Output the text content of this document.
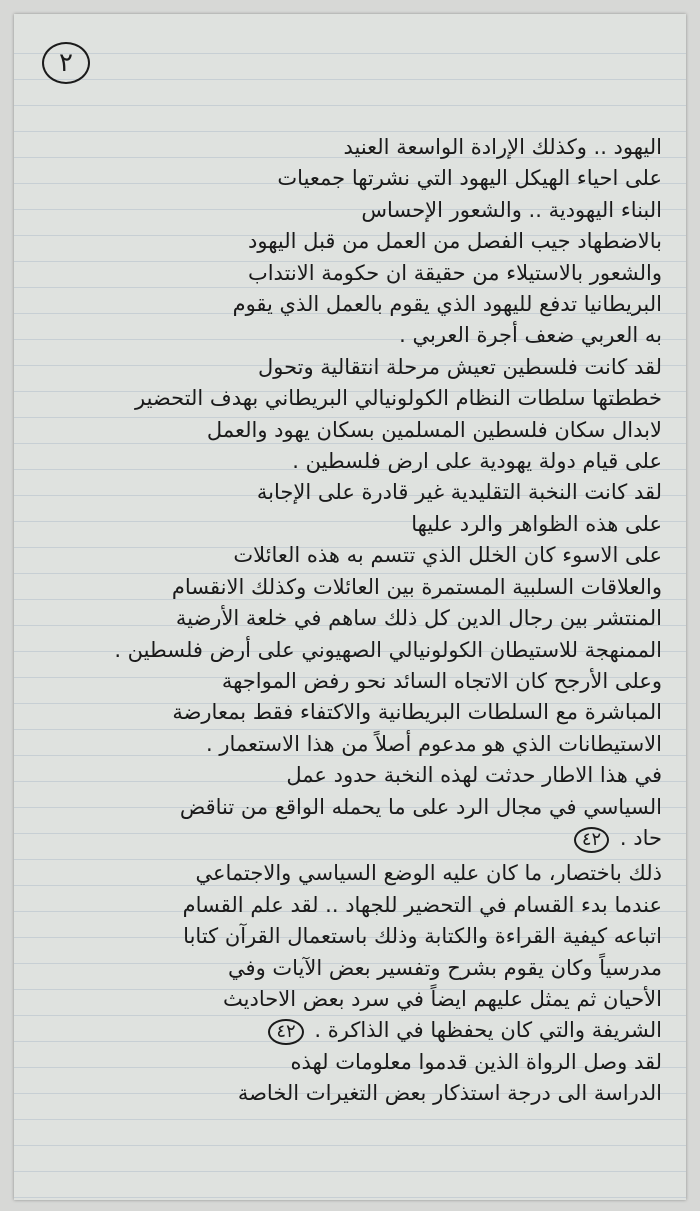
٢
اليهود .. وكذلك الإرادة الواسعة العنيد
على احياء الهيكل اليهود التي نشرتها جمعيات
البناء اليهودية .. والشعور الإحساس
بالاضطهاد جيب الفصل من العمل من قبل اليهود
والشعور بالاستيلاء من حقيقة ان حكومة الانتداب
البريطانيا تدفع لليهود الذي يقوم بالعمل الذي يقوم
به العربي ضعف أجرة العربي .
لقد كانت فلسطين تعيش مرحلة انتقالية وتحول
خططتها سلطات النظام الكولونيالي البريطاني بهدف التحضير
لابدال سكان فلسطين المسلمين بسكان يهود والعمل
على قيام دولة يهودية على ارض فلسطين .
لقد كانت النخبة التقليدية غير قادرة على الإجابة
على هذه الظواهر والرد عليها
على الاسوء كان الخلل الذي تتسم به هذه العائلات
والعلاقات السلبية المستمرة بين العائلات وكذلك الانقسام
المنتشر بين رجال الدين كل ذلك ساهم في خلعة الأرضية
الممنهجة للاستيطان الكولونيالي الصهيوني على أرض فلسطين .
وعلى الأرجح كان الاتجاه السائد نحو رفض المواجهة
المباشرة مع السلطات البريطانية والاكتفاء فقط بمعارضة
الاستيطانات الذي هو مدعوم أصلاً من هذا الاستعمار .
في هذا الاطار حدثت لهذه النخبة حدود عمل
السياسي في مجال الرد على ما يحمله الواقع من تناقض
حاد . ٤٢
ذلك باختصار، ما كان عليه الوضع السياسي والاجتماعي
عندما بدء القسام في التحضير للجهاد .. لقد علم القسام
اتباعه كيفية القراءة والكتابة وذلك باستعمال القرآن كتابا
مدرسياً وكان يقوم بشرح وتفسير بعض الآيات وفي
الأحيان ثم يمثل عليهم ايضاً في سرد بعض الاحاديث
الشريفة والتي كان يحفظها في الذاكرة . ٤٢
لقد وصل الرواة الذين قدموا معلومات لهذه
الدراسة الى درجة استذكار بعض التغيرات الخاصة
